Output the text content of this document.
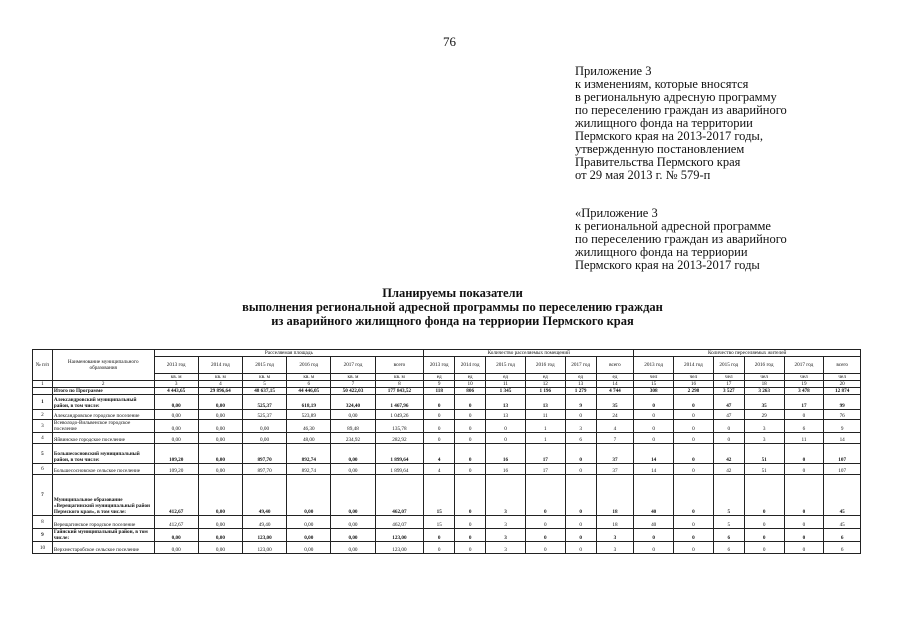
76
Приложение 3
к изменениям, которые вносятся
в региональную адресную программу
по переселению граждан из аварийного
жилищного фонда на территории
Пермского края на 2013-2017 годы,
утвержденную постановлением
Правительства Пермского края
от 29 мая 2013 г. № 579-п
«Приложение 3
к региональной адресной программе
по переселению граждан из аварийного
жилищного фонда на терриории
Пермского края на 2013-2017 годы
Планируемы показатели
выполнения региональной адресной программы по переселению граждан
из аварийного жилищного фонда на терриории Пермского края
№ п/п	Наименование муниципального образования	Расселяемая площадь						Количество расселяемых помещений						Количество переселяемых жителей					
		2013 год	2014 год	2015 год	2016 год	2017 год	всего	2013 год	2014 год	2015 год	2016 год	2017 год	всего	2013 год	2014 год	2015 год	2016 год	2017 год	всего
		кв. м	кв. м	кв. м	кв. м	кв. м	кв. м	ед	ед	ед	ед	ед	ед	чел	чел	чел	чел	чел	чел
1	2	3	4	5	6	7	8	9	10	11	12	13	14	15	16	17	18	19	20
	Итого по Программе	4 443,65	29 896,64	48 637,15	44 446,05	50 422,03	177 843,52	118	806	1 345	1 196	1 279	4 744	308	2 298	3 527	3 263	3 478	12 874
1	Александровский муниципальный район, в том числе:	0,00	0,00	525,37	618,19	324,40	1 467,96	0	0	13	13	9	35	0	0	47	35	17	99
2	Александровское городское поселение	0,00	0,00	525,37	523,89	0,00	1 049,26	0	0	13	11	0	24	0	0	47	29	0	76
3	Всеволодо-Вильвенское городское поселение	0,00	0,00	0,00	46,30	89,48	135,78	0	0	0	1	3	4	0	0	0	3	6	9
4	Яйвинское городское поселение	0,00	0,00	0,00	48,00	234,92	282,92	0	0	0	1	6	7	0	0	0	3	11	14
5	Большесосновский муниципальный район, в том числе:	109,20	0,00	897,70	892,74	0,00	1 899,64	4	0	16	17	0	37	14	0	42	51	0	107
6	Большесосновское сельское поселение	109,20	0,00	897,70	892,74	0,00	1 899,64	4	0	16	17	0	37	14	0	42	51	0	107
7	Муниципальное образование «Верещагинский муниципальный район Пермского края», в том числе:	412,67	0,00	49,40	0,00	0,00	462,07	15	0	3	0	0	18	40	0	5	0	0	45
8	Верещагинское городское поселение	412,67	0,00	49,40	0,00	0,00	462,07	15	0	3	0	0	18	40	0	5	0	0	45
9	Гайнский муниципальный район, в том числе:	0,00	0,00	123,00	0,00	0,00	123,00	0	0	3	0	0	3	0	0	6	0	0	6
10	Верхнестаробское сельское поселение	0,00	0,00	123,00	0,00	0,00	123,00	0	0	3	0	0	3	0	0	6	0	0	6
